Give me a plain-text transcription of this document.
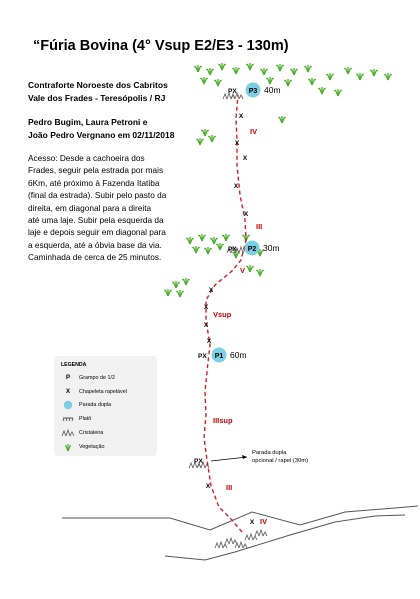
“Fúria Bovina (4° Vsup E2/E3 - 130m)
Contraforte Noroeste dos Cabritos
Vale dos Frades - Teresópolis / RJ
Pedro Bugim, Laura Petroni e
João Pedro Vergnano em 02/11/2018
Acesso: Desde a cachoeira dos
Frades, seguir pela estrada por mais
6Km, até próximo à Fazenda Itatiba
(final da estrada). Subir pelo pasto da
direita, em diagonal para a direita
até uma laje. Subir pela esquerda da
laje e depois seguir em diagonal para
a esquerda, até a óbvia base da via.
Caminhada de cerca de 25 minutos.
X
X
X
X
X
X
X
X
X
X
X
IV
III
V
Vsup
IIIsup
III
IV
PX P3 40m
PX P2 30m
PX P1 60m
PX
Parada dupla
opcional / rapel (30m)
LEGENDA
P	Grampo de 1/2
X	Chapeleta rapelável
Parada dupla
Platô
Cristaleira
Vegetação
